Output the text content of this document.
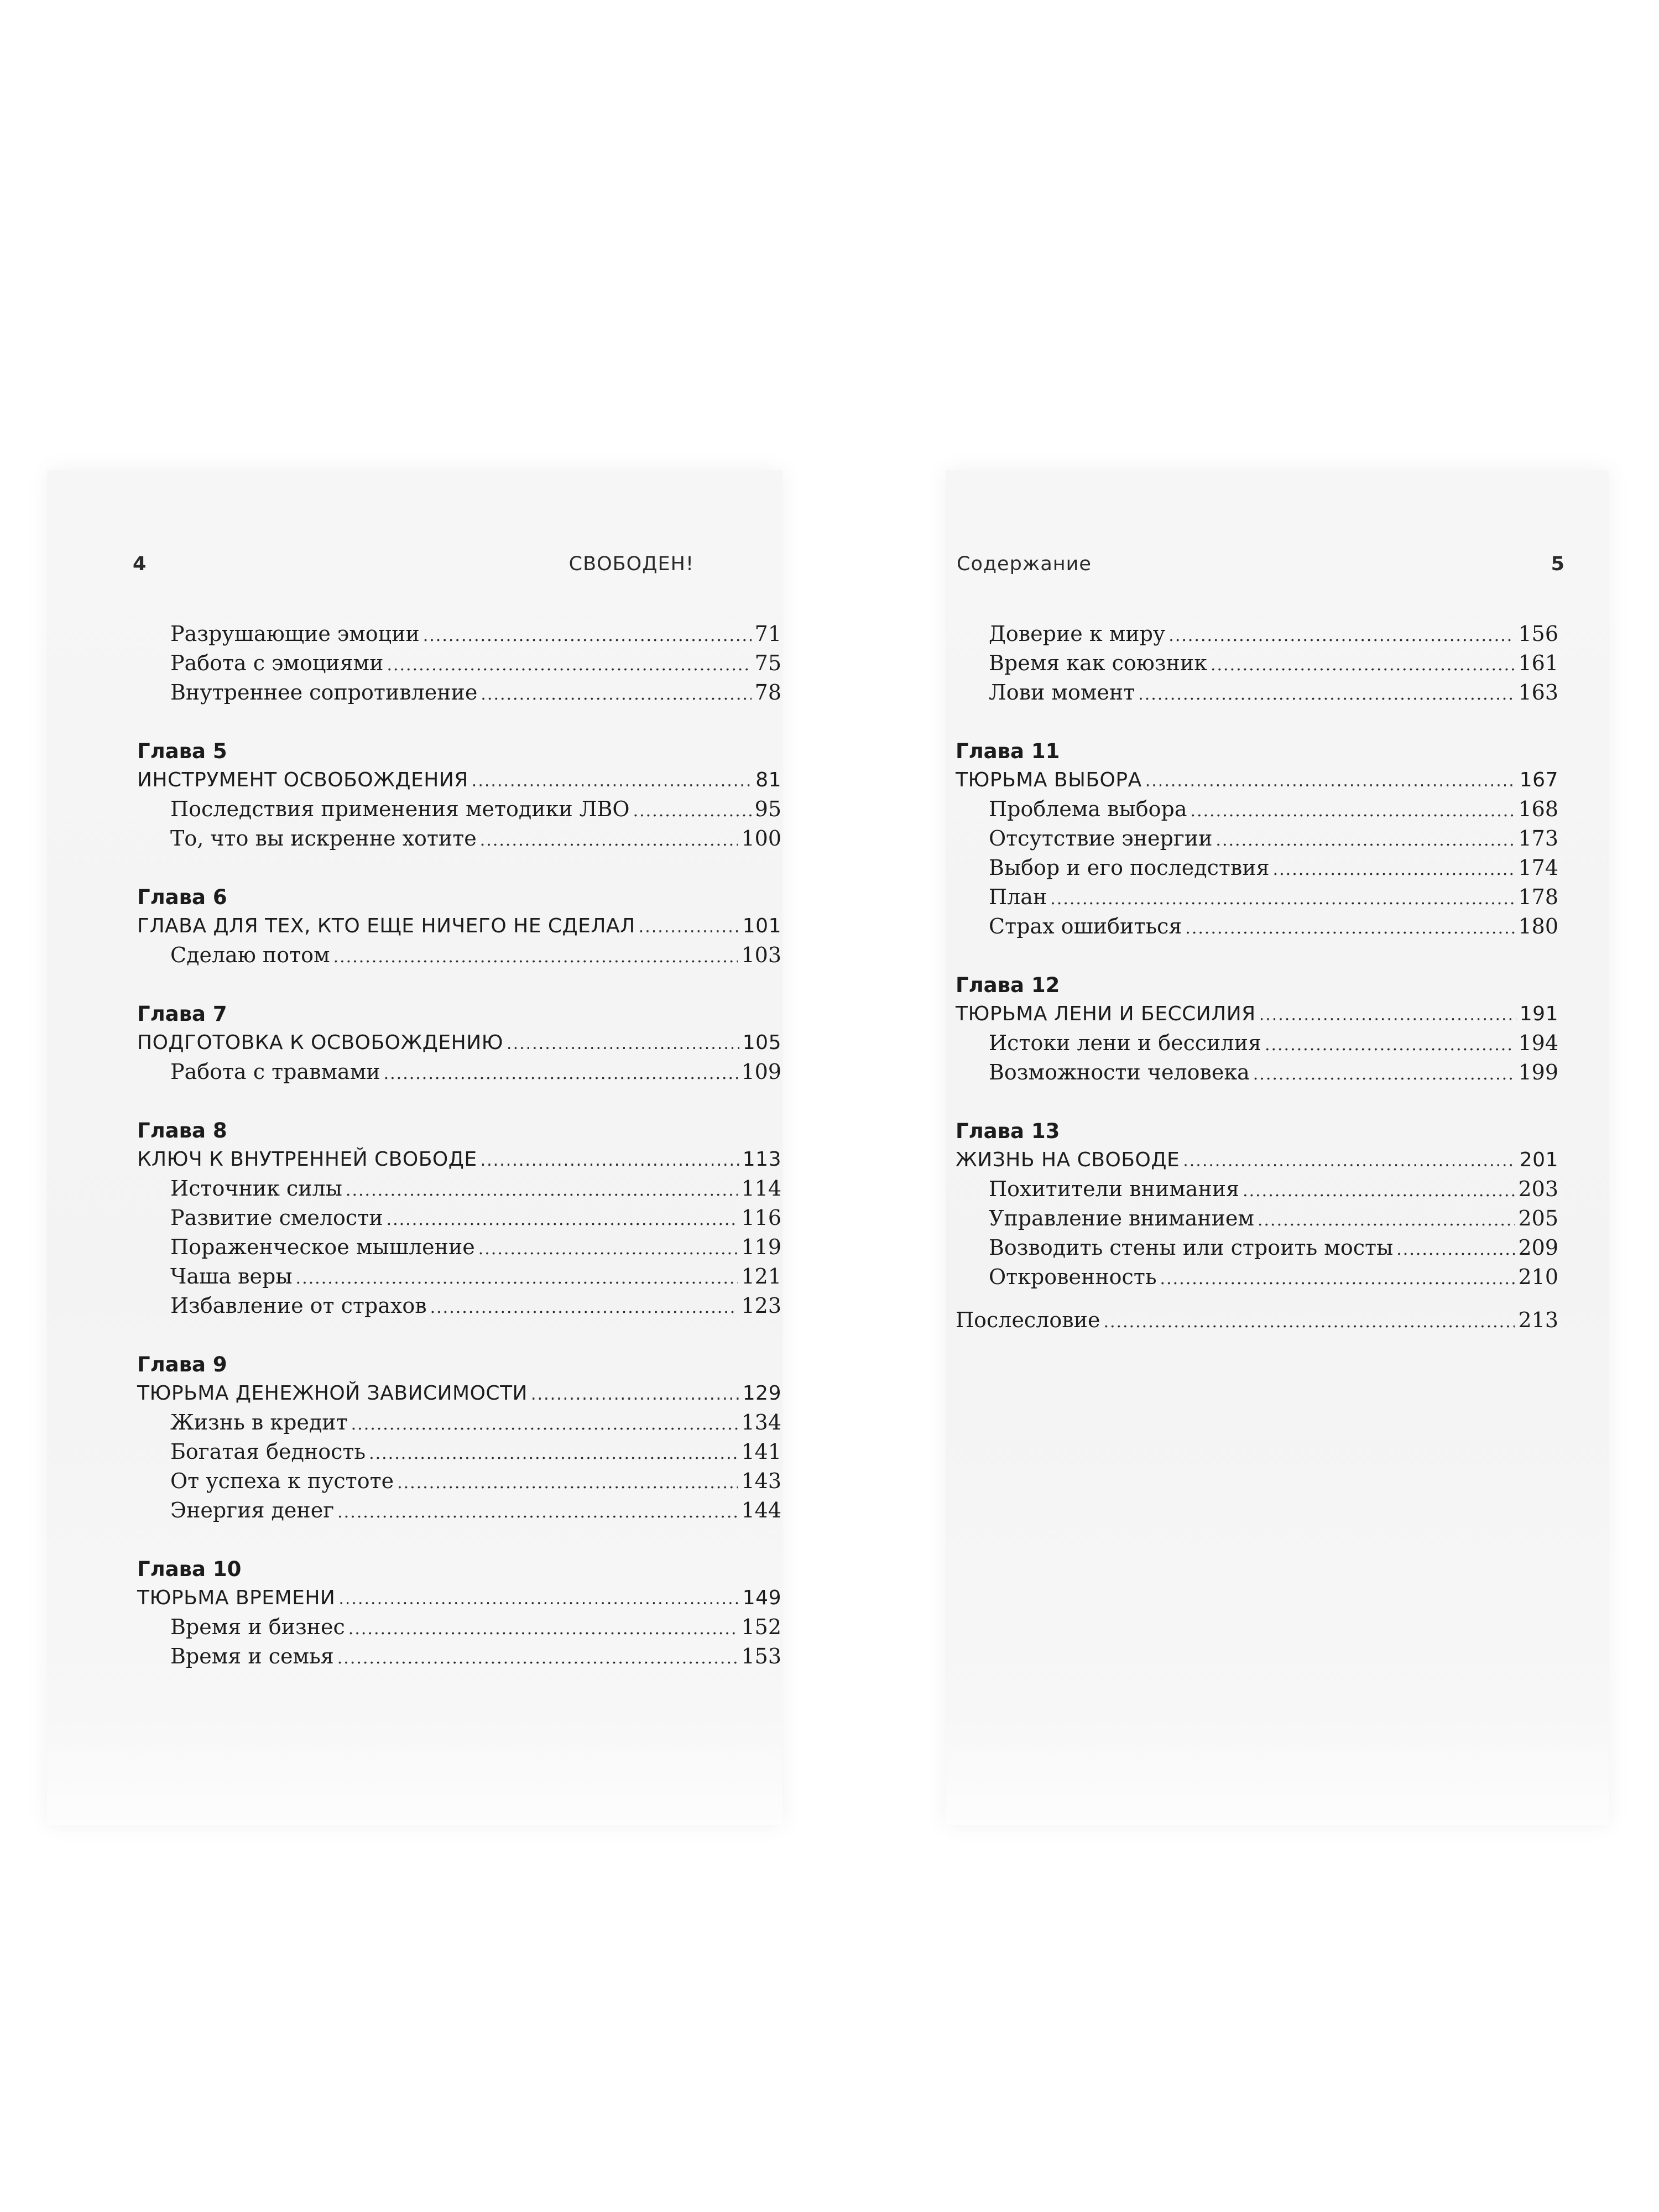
4	СВОБОДЕН!
Разрушающие эмоции .....	71
Работа с эмоциями .....	75
Внутреннее сопротивление .....	78
Глава 5
ИНСТРУМЕНТ ОСВОБОЖДЕНИЯ .....	81
Последствия применения методики ЛВО .....	95
То, что вы искренне хотите .....	100
Глава 6
ГЛАВА ДЛЯ ТЕХ, КТО ЕЩЕ НИЧЕГО НЕ СДЕЛАЛ .....	101
Сделаю потом .....	103
Глава 7
ПОДГОТОВКА К ОСВОБОЖДЕНИЮ .....	105
Работа с травмами .....	109
Глава 8
КЛЮЧ К ВНУТРЕННЕЙ СВОБОДЕ .....	113
Источник силы .....	114
Развитие смелости .....	116
Пораженческое мышление .....	119
Чаша веры .....	121
Избавление от страхов .....	123
Глава 9
ТЮРЬМА ДЕНЕЖНОЙ ЗАВИСИМОСТИ .....	129
Жизнь в кредит .....	134
Богатая бедность .....	141
От успеха к пустоте .....	143
Энергия денег .....	144
Глава 10
ТЮРЬМА ВРЕМЕНИ .....	149
Время и бизнес .....	152
Время и семья .....	153
Содержание	5
Доверие к миру .....	156
Время как союзник .....	161
Лови момент .....	163
Глава 11
ТЮРЬМА ВЫБОРА .....	167
Проблема выбора .....	168
Отсутствие энергии .....	173
Выбор и его последствия .....	174
План .....	178
Страх ошибиться .....	180
Глава 12
ТЮРЬМА ЛЕНИ И БЕССИЛИЯ .....	191
Истоки лени и бессилия .....	194
Возможности человека .....	199
Глава 13
ЖИЗНЬ НА СВОБОДЕ .....	201
Похитители внимания .....	203
Управление вниманием .....	205
Возводить стены или строить мосты .....	209
Откровенность .....	210
Послесловие .....	213
